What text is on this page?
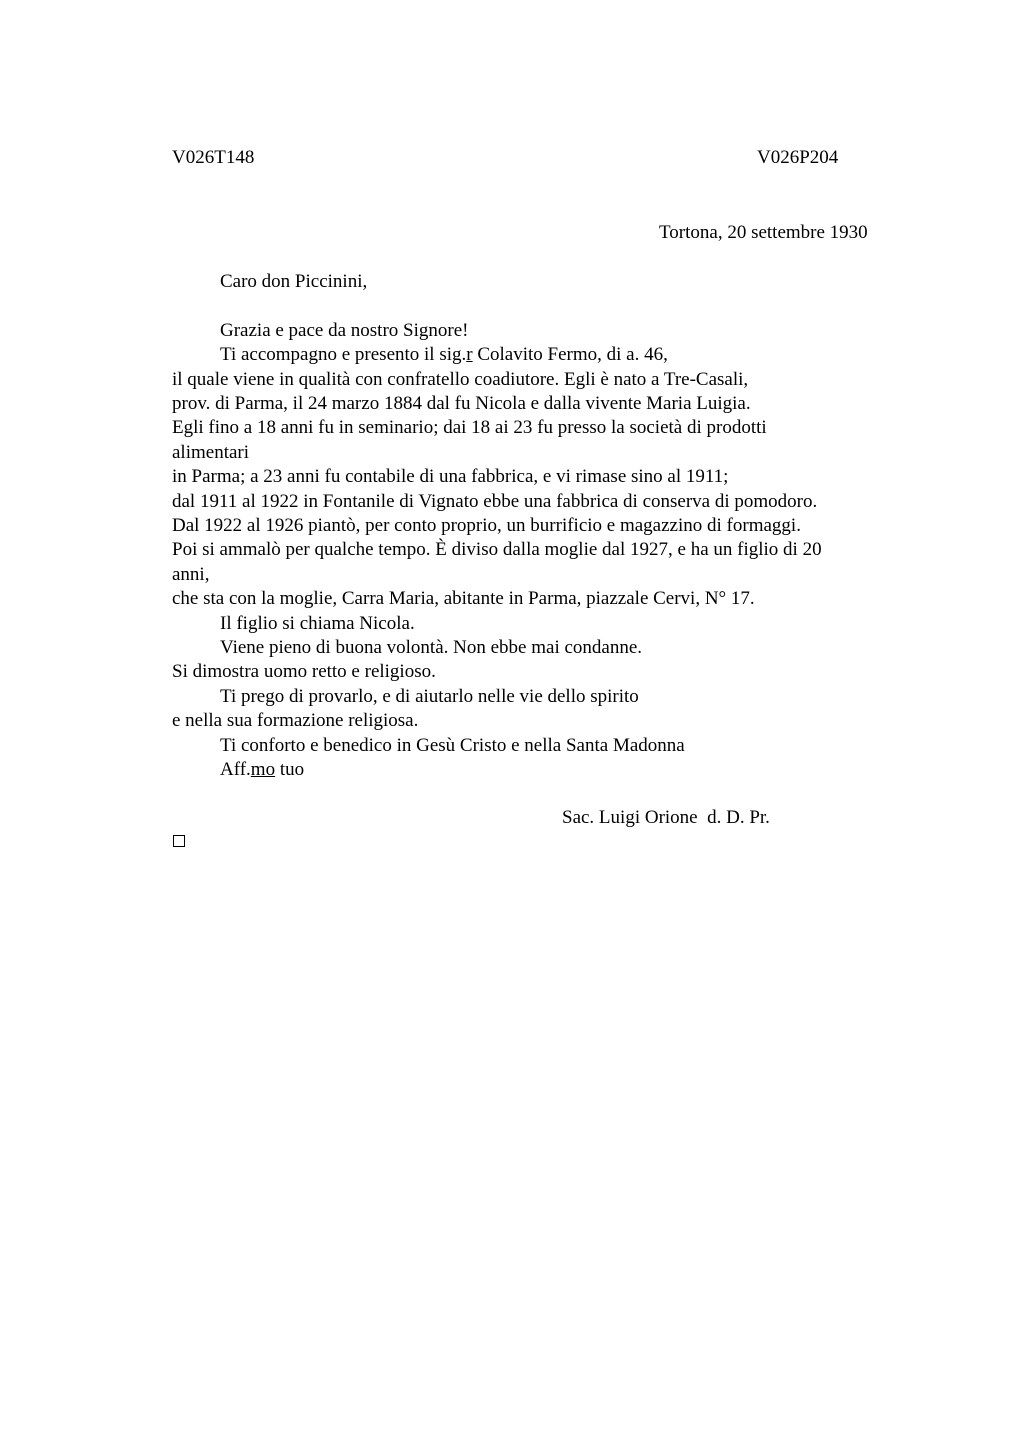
V026T148	V026P204
Tortona, 20 settembre 1930

Caro don Piccinini,

Grazia e pace da nostro Signore!

Ti accompagno e presento il sig.r Colavito Fermo, di a. 46,

il quale viene in qualità con confratello coadiutore. Egli è nato a Tre-Casali,

prov. di Parma, il 24 marzo 1884 dal fu Nicola e dalla vivente Maria Luigia.

Egli fino a 18 anni fu in seminario; dai 18 ai 23 fu presso la società di prodotti

alimentari

in Parma; a 23 anni fu contabile di una fabbrica, e vi rimase sino al 1911;

dal 1911 al 1922 in Fontanile di Vignato ebbe una fabbrica di conserva di pomodoro.

Dal 1922 al 1926 piantò, per conto proprio, un burrificio e magazzino di formaggi.

Poi si ammalò per qualche tempo. È diviso dalla moglie dal 1927, e ha un figlio di 20

anni,

che sta con la moglie, Carra Maria, abitante in Parma, piazzale Cervi, N° 17.

Il figlio si chiama Nicola.

Viene pieno di buona volontà. Non ebbe mai condanne.

Si dimostra uomo retto e religioso.

Ti prego di provarlo, e di aiutarlo nelle vie dello spirito

e nella sua formazione religiosa.

Ti conforto e benedico in Gesù Cristo e nella Santa Madonna

Aff.mo tuo

Sac. Luigi Orione  d. D. Pr.
